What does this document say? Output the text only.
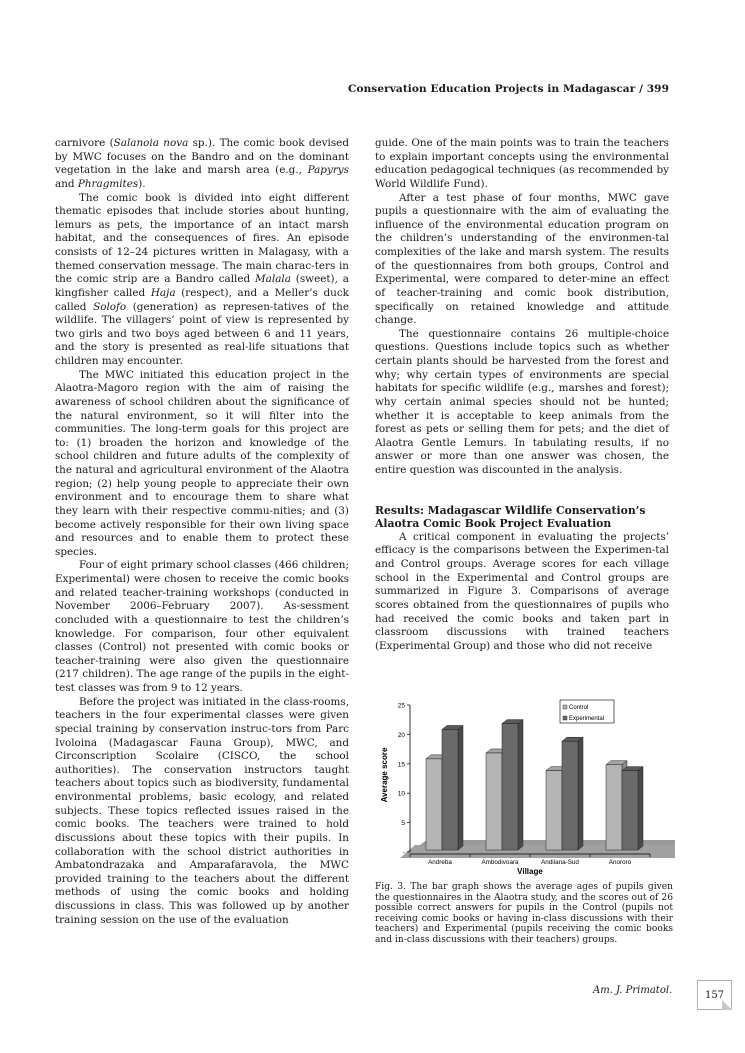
Conservation Education Projects in Madagascar / 399

carnivore (Salanoia nova sp.). The comic book devised by MWC focuses on the Bandro and on the dominant vegetation in the lake and marsh area (e.g., Papyrys and Phragmites).

The comic book is divided into eight different thematic episodes that include stories about hunting, lemurs as pets, the importance of an intact marsh habitat, and the consequences of fires. An episode consists of 12–24 pictures written in Malagasy, with a themed conservation message. The main charac-ters in the comic strip are a Bandro called Malala (sweet), a kingfisher called Haja (respect), and a Meller’s duck called Solofo (generation) as represen-tatives of the wildlife. The villagers’ point of view is represented by two girls and two boys aged between 6 and 11 years, and the story is presented as real-life situations that children may encounter.

The MWC initiated this education project in the Alaotra-Magoro region with the aim of raising the awareness of school children about the significance of the natural environment, so it will filter into the communities. The long-term goals for this project are to: (1) broaden the horizon and knowledge of the school children and future adults of the complexity of the natural and agricultural environment of the Alaotra region; (2) help young people to appreciate their own environment and to encourage them to share what they learn with their respective commu-nities; and (3) become actively responsible for their own living space and resources and to enable them to protect these species.

Four of eight primary school classes (466 children; Experimental) were chosen to receive the comic books and related teacher-training workshops (conducted in November 2006–February 2007). As-sessment concluded with a questionnaire to test the children’s knowledge. For comparison, four other equivalent classes (Control) not presented with comic books or teacher-training were also given the questionnaire (217 children). The age range of the pupils in the eight-test classes was from 9 to 12 years.

Before the project was initiated in the class-rooms, teachers in the four experimental classes were given special training by conservation instruc-tors from Parc Ivoloina (Madagascar Fauna Group), MWC, and Circonscription Scolaire (CISCO, the school authorities). The conservation instructors taught teachers about topics such as biodiversity, fundamental environmental problems, basic ecology, and related subjects. These topics reflected issues raised in the comic books. The teachers were trained to hold discussions about these topics with their pupils. In collaboration with the school district authorities in Ambatondrazaka and Amparafaravola, the MWC provided training to the teachers about the different methods of using the comic books and holding discussions in class. This was followed up by another training session on the use of the evaluation

guide. One of the main points was to train the teachers to explain important concepts using the environmental education pedagogical techniques (as recommended by World Wildlife Fund).

After a test phase of four months, MWC gave pupils a questionnaire with the aim of evaluating the influence of the environmental education program on the children’s understanding of the environmen-tal complexities of the lake and marsh system. The results of the questionnaires from both groups, Control and Experimental, were compared to deter-mine an effect of teacher-training and comic book distribution, specifically on retained knowledge and attitude change.

The questionnaire contains 26 multiple-choice questions. Questions include topics such as whether certain plants should be harvested from the forest and why; why certain types of environments are special habitats for specific wildlife (e.g., marshes and forest); why certain animal species should not be hunted; whether it is acceptable to keep animals from the forest as pets or selling them for pets; and the diet of Alaotra Gentle Lemurs. In tabulating results, if no answer or more than one answer was chosen, the entire question was discounted in the analysis.

Results: Madagascar Wildlife Conservation’s Alaotra Comic Book Project Evaluation

A critical component in evaluating the projects’ efficacy is the comparisons between the Experimen-tal and Control groups. Average scores for each village school in the Experimental and Control groups are summarized in Figure 3. Comparisons of average scores obtained from the questionnaires of pupils who had received the comic books and taken part in classroom discussions with trained teachers (Experimental Group) and those who did not receive

-
5
10
15
20
25
Andreba	Ambodivoara	Andilana-Sud	Anororo
Average score
Village
Control
Experimental
Fig. 3. The bar graph shows the average ages of pupils given the questionnaires in the Alaotra study, and the scores out of 26 possible correct answers for pupils in the Control (pupils not receiving comic books or having in-class discussions with their teachers) and Experimental (pupils receiving the comic books and in-class discussions with their teachers) groups.
Am. J. Primatol.	157
